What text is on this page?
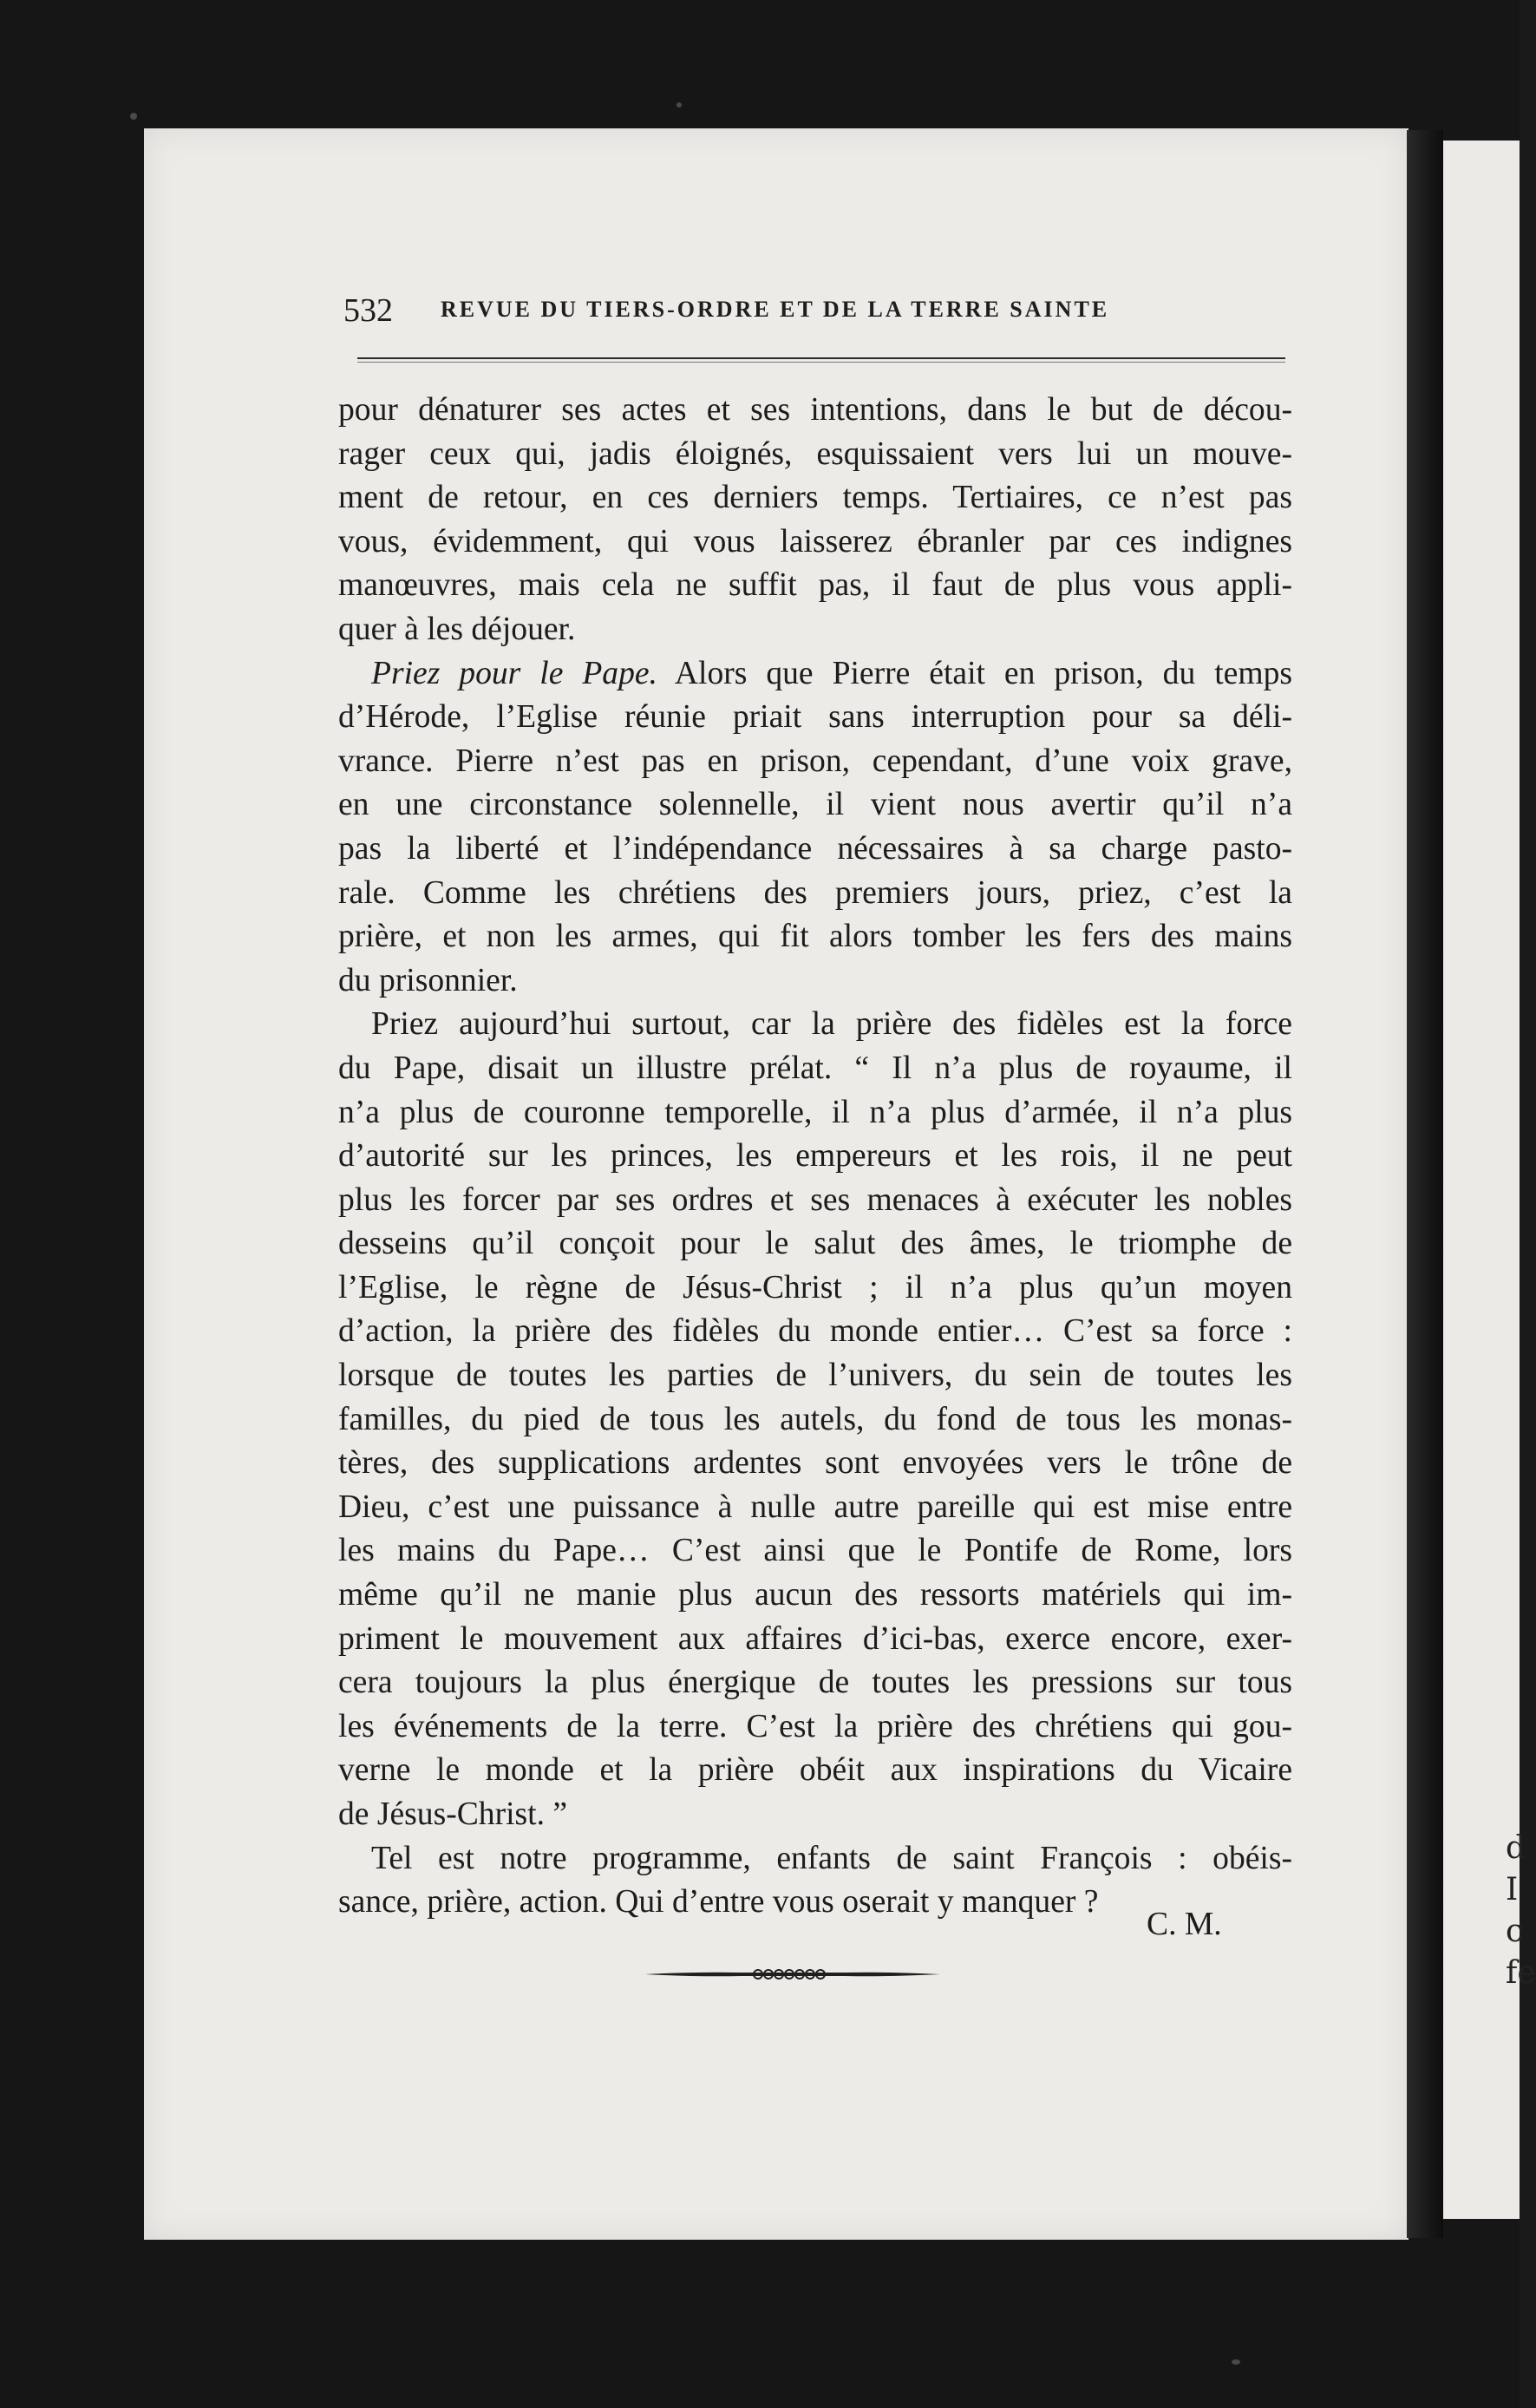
d
I
c
fe
532 REVUE DU TIERS-ORDRE ET DE LA TERRE SAINTE

pour dénaturer ses actes et ses intentions, dans le but de décou-
rager ceux qui, jadis éloignés, esquissaient vers lui un mouve-
ment de retour, en ces derniers temps. Tertiaires, ce n’est pas
vous, évidemment, qui vous laisserez ébranler par ces indignes
manœuvres, mais cela ne suffit pas, il faut de plus vous appli-
quer à les déjouer.

Priez pour le Pape. Alors que Pierre était en prison, du temps
d’Hérode, l’Eglise réunie priait sans interruption pour sa déli-
vrance. Pierre n’est pas en prison, cependant, d’une voix grave,
en une circonstance solennelle, il vient nous avertir qu’il n’a
pas la liberté et l’indépendance nécessaires à sa charge pasto-
rale. Comme les chrétiens des premiers jours, priez, c’est la
prière, et non les armes, qui fit alors tomber les fers des mains
du prisonnier.

Priez aujourd’hui surtout, car la prière des fidèles est la force
du Pape, disait un illustre prélat. “ Il n’a plus de royaume, il
n’a plus de couronne temporelle, il n’a plus d’armée, il n’a plus
d’autorité sur les princes, les empereurs et les rois, il ne peut
plus les forcer par ses ordres et ses menaces à exécuter les nobles
desseins qu’il conçoit pour le salut des âmes, le triomphe de
l’Eglise, le règne de Jésus-Christ ; il n’a plus qu’un moyen
d’action, la prière des fidèles du monde entier… C’est sa force :
lorsque de toutes les parties de l’univers, du sein de toutes les
familles, du pied de tous les autels, du fond de tous les monas-
tères, des supplications ardentes sont envoyées vers le trône de
Dieu, c’est une puissance à nulle autre pareille qui est mise entre
les mains du Pape… C’est ainsi que le Pontife de Rome, lors
même qu’il ne manie plus aucun des ressorts matériels qui im-
priment le mouvement aux affaires d’ici-bas, exerce encore, exer-
cera toujours la plus énergique de toutes les pressions sur tous
les événements de la terre. C’est la prière des chrétiens qui gou-
verne le monde et la prière obéit aux inspirations du Vicaire
de Jésus-Christ. ”

Tel est notre programme, enfants de saint François : obéis-
sance, prière, action. Qui d’entre vous oserait y manquer ?

C. M.
